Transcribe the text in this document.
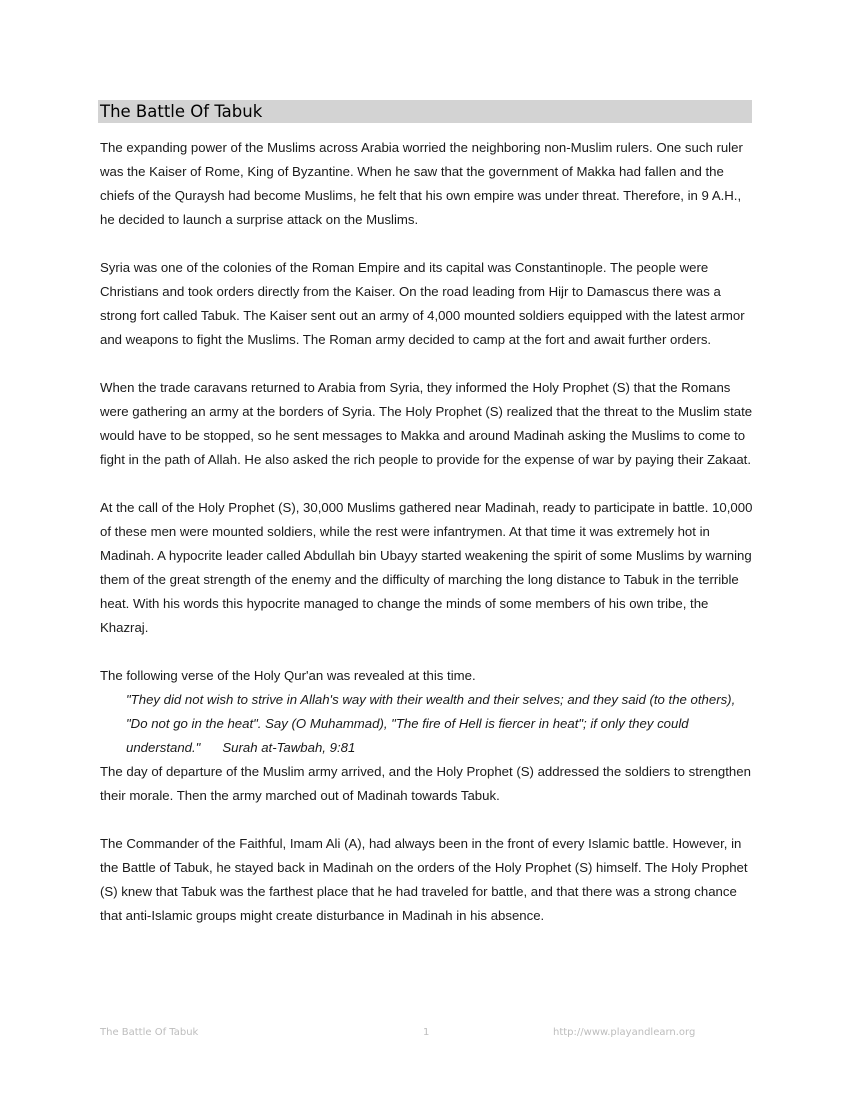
The Battle Of Tabuk

The expanding power of the Muslims across Arabia worried the neighboring non-Muslim rulers. One such ruler was the Kaiser of Rome, King of Byzantine. When he saw that the government of Makka had fallen and the chiefs of the Quraysh had become Muslims, he felt that his own empire was under threat. Therefore, in 9 A.H., he decided to launch a surprise attack on the Muslims.

Syria was one of the colonies of the Roman Empire and its capital was Constantinople. The people were Christians and took orders directly from the Kaiser. On the road leading from Hijr to Damascus there was a strong fort called Tabuk. The Kaiser sent out an army of 4,000 mounted soldiers equipped with the latest armor and weapons to fight the Muslims. The Roman army decided to camp at the fort and await further orders.

When the trade caravans returned to Arabia from Syria, they informed the Holy Prophet (S) that the Romans were gathering an army at the borders of Syria. The Holy Prophet (S) realized that the threat to the Muslim state would have to be stopped, so he sent messages to Makka and around Madinah asking the Muslims to come to fight in the path of Allah. He also asked the rich people to provide for the expense of war by paying their Zakaat.

At the call of the Holy Prophet (S), 30,000 Muslims gathered near Madinah, ready to participate in battle. 10,000 of these men were mounted soldiers, while the rest were infantrymen. At that time it was extremely hot in Madinah. A hypocrite leader called Abdullah bin Ubayy started weakening the spirit of some Muslims by warning them of the great strength of the enemy and the difficulty of marching the long distance to Tabuk in the terrible heat. With his words this hypocrite managed to change the minds of some members of his own tribe, the Khazraj.

The following verse of the Holy Qur'an was revealed at this time.

"They did not wish to strive in Allah's way with their wealth and their selves; and they said (to the others), "Do not go in the heat". Say (O Muhammad), "The fire of Hell is fiercer in heat"; if only they could understand." Surah at-Tawbah, 9:81

The day of departure of the Muslim army arrived, and the Holy Prophet (S) addressed the soldiers to strengthen their morale. Then the army marched out of Madinah towards Tabuk.

The Commander of the Faithful, Imam Ali (A), had always been in the front of every Islamic battle. However, in the Battle of Tabuk, he stayed back in Madinah on the orders of the Holy Prophet (S) himself. The Holy Prophet (S) knew that Tabuk was the farthest place that he had traveled for battle, and that there was a strong chance that anti-Islamic groups might create disturbance in Madinah in his absence.

The Battle Of Tabuk	1	http://www.playandlearn.org
